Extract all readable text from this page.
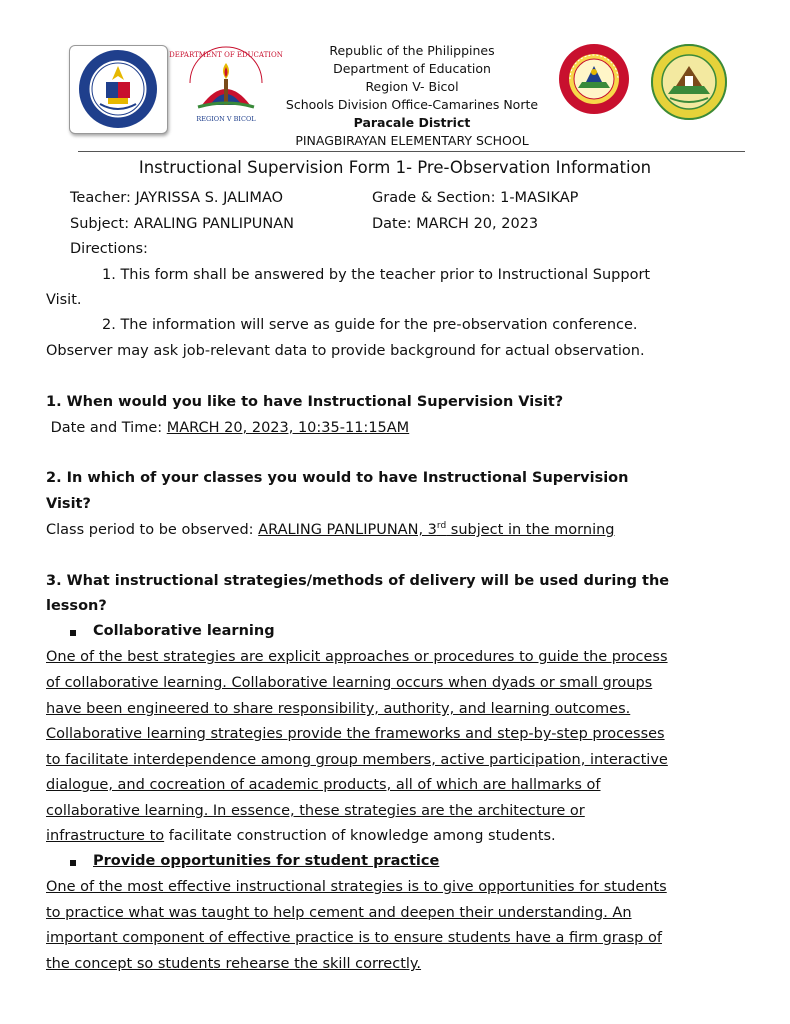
DEPARTMENT OF EDUCATION
REGION V BICOL
Republic of the Philippines
Department of Education
Region V- Bicol
Schools Division Office-Camarines Norte
Paracale District
PINAGBIRAYAN ELEMENTARY SCHOOL
Instructional Supervision Form 1- Pre-Observation Information
Teacher: JAYRISSA S. JALIMAO	Grade & Section: 1-MASIKAP
Subject: ARALING PANLIPUNAN	Date: MARCH 20, 2023
Directions:
1. This form shall be answered by the teacher prior to Instructional Support
Visit.
2. The information will serve as guide for the pre-observation conference.
Observer may ask job-relevant data to provide background for actual observation.
1. When would you like to have Instructional Supervision Visit?
Date and Time: MARCH 20, 2023, 10:35-11:15AM
2. In which of your classes you would to have Instructional Supervision
Visit?
Class period to be observed: ARALING PANLIPUNAN, 3rd subject in the morning
3. What instructional strategies/methods of delivery will be used during the
lesson?
Collaborative learning
One of the best strategies are explicit approaches or procedures to guide the process
of collaborative learning. Collaborative learning occurs when dyads or small groups
have been engineered to share responsibility, authority, and learning outcomes.
Collaborative learning strategies provide the frameworks and step-by-step processes
to facilitate interdependence among group members, active participation, interactive
dialogue, and cocreation of academic products, all of which are hallmarks of
collaborative learning. In essence, these strategies are the architecture or
infrastructure to facilitate construction of knowledge among students.
Provide opportunities for student practice
One of the most effective instructional strategies is to give opportunities for students
to practice what was taught to help cement and deepen their understanding. An
important component of effective practice is to ensure students have a firm grasp of
the concept so students rehearse the skill correctly.
